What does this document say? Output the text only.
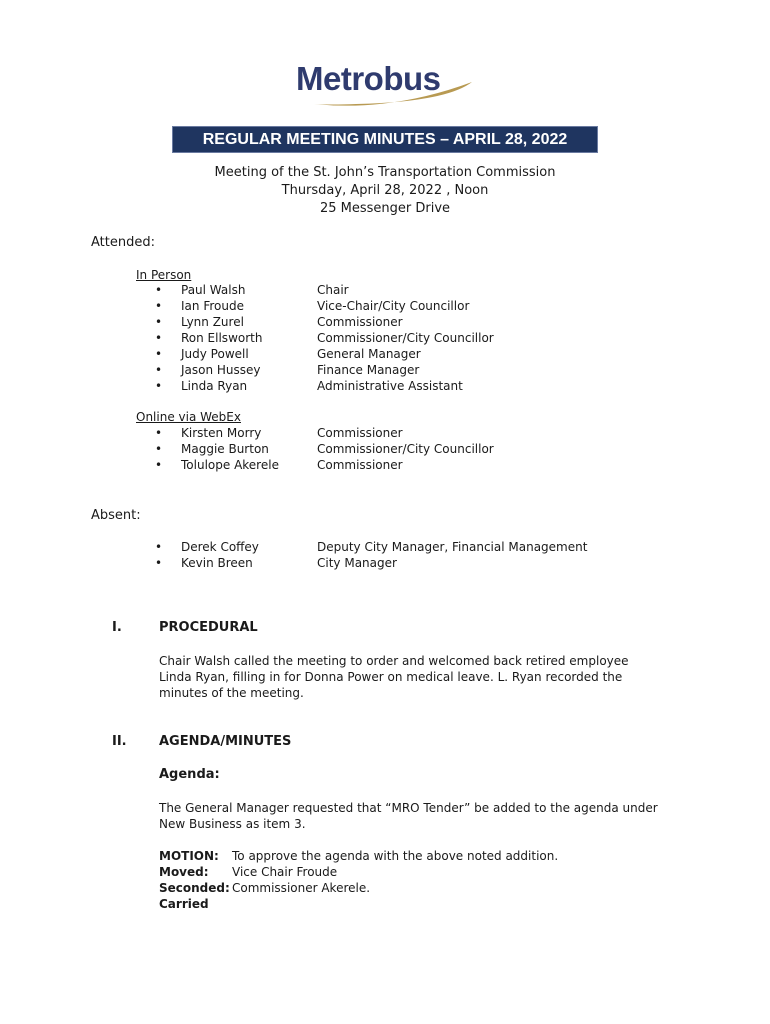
Metrobus
REGULAR MEETING MINUTES – APRIL 28, 2022
Meeting of the St. John’s Transportation Commission
Thursday, April 28, 2022 , Noon
25 Messenger Drive
Attended:
In Person
• Paul Walsh	Chair
• Ian Froude	Vice-Chair/City Councillor
• Lynn Zurel	Commissioner
• Ron Ellsworth	Commissioner/City Councillor
• Judy Powell	General Manager
• Jason Hussey	Finance Manager
• Linda Ryan	Administrative Assistant
Online via WebEx
• Kirsten Morry	Commissioner
• Maggie Burton	Commissioner/City Councillor
• Tolulope Akerele	Commissioner
Absent:
• Derek Coffey	Deputy City Manager, Financial Management
• Kevin Breen	City Manager
I.	PROCEDURAL
Chair Walsh called the meeting to order and welcomed back retired employee
Linda Ryan, filling in for Donna Power on medical leave. L. Ryan recorded the
minutes of the meeting.
II. AGENDA/MINUTES
Agenda:
The General Manager requested that “MRO Tender” be added to the agenda under
New Business as item 3.
MOTION: To approve the agenda with the above noted addition.
Moved: Vice Chair Froude
Seconded: Commissioner Akerele.
Carried
